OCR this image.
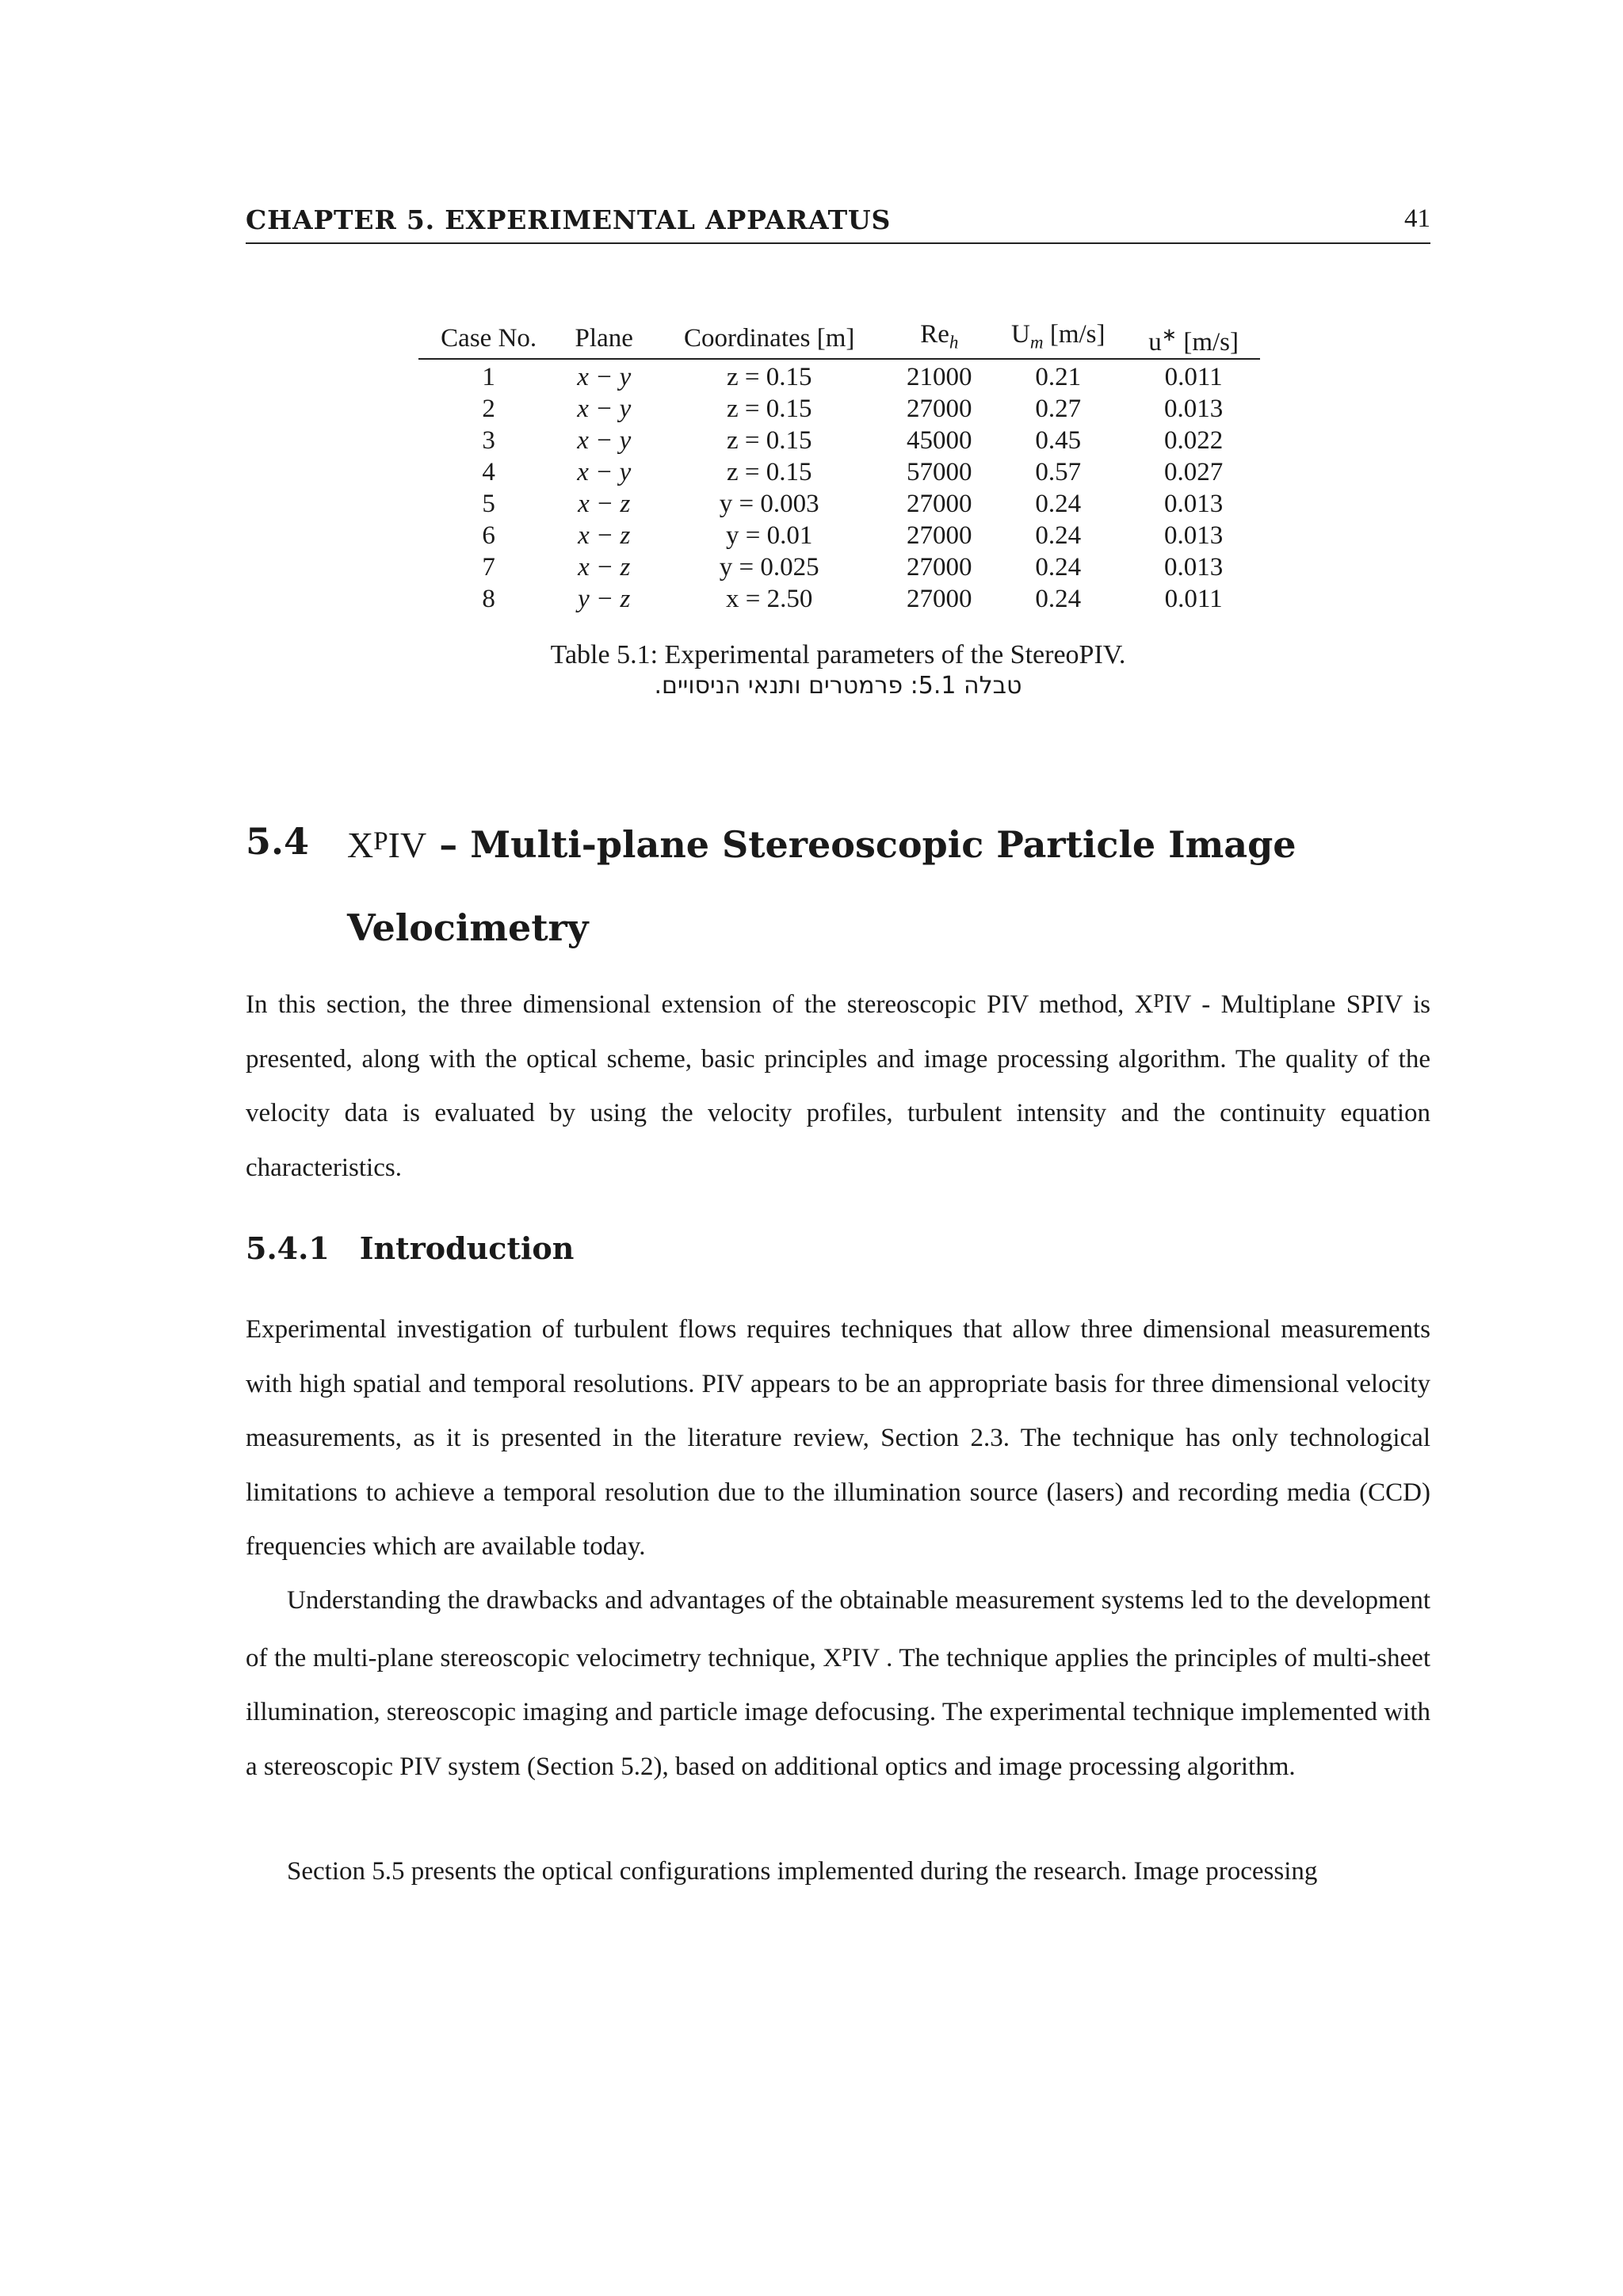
CHAPTER 5. EXPERIMENTAL APPARATUS	41
Case No.	Plane	Coordinates [m]	$Re_h$	$U_m$ [m/s]	u∗ [m/s]
1	x − y	z = 0.15	21000	0.21	0.011
2	x − y	z = 0.15	27000	0.27	0.013
3	x − y	z = 0.15	45000	0.45	0.022
4	x − y	z = 0.15	57000	0.57	0.027
5	x − z	y = 0.003	27000	0.24	0.013
6	x − z	y = 0.01	27000	0.24	0.013
7	x − z	y = 0.025	27000	0.24	0.013
8	y − z	x = 2.50	27000	0.24	0.011
Table 5.1: Experimental parameters of the StereoPIV.
טבלה 5.1: פרמטרים ותנאי הניסויים.
5.4 $X^PIV$ – Multi-plane Stereoscopic Particle Image Velocimetry

In this section, the three dimensional extension of the stereoscopic PIV method, $X^PIV$ - Multiplane SPIV is presented, along with the optical scheme, basic principles and image processing algorithm. The quality of the velocity data is evaluated by using the velocity profiles, turbulent intensity and the continuity equation characteristics.

5.4.1 Introduction

Experimental investigation of turbulent flows requires techniques that allow three dimensional measurements with high spatial and temporal resolutions. PIV appears to be an appropriate basis for three dimensional velocity measurements, as it is presented in the literature review, Section 2.3. The technique has only technological limitations to achieve a temporal resolution due to the illumination source (lasers) and recording media (CCD) frequencies which are available today.

Understanding the drawbacks and advantages of the obtainable measurement systems led to the development of the multi-plane stereoscopic velocimetry technique, $X^PIV$ . The technique applies the principles of multi-sheet illumination, stereoscopic imaging and particle image defocusing. The experimental technique implemented with a stereoscopic PIV system (Section 5.2), based on additional optics and image processing algorithm.

Section 5.5 presents the optical configurations implemented during the research. Image processing
